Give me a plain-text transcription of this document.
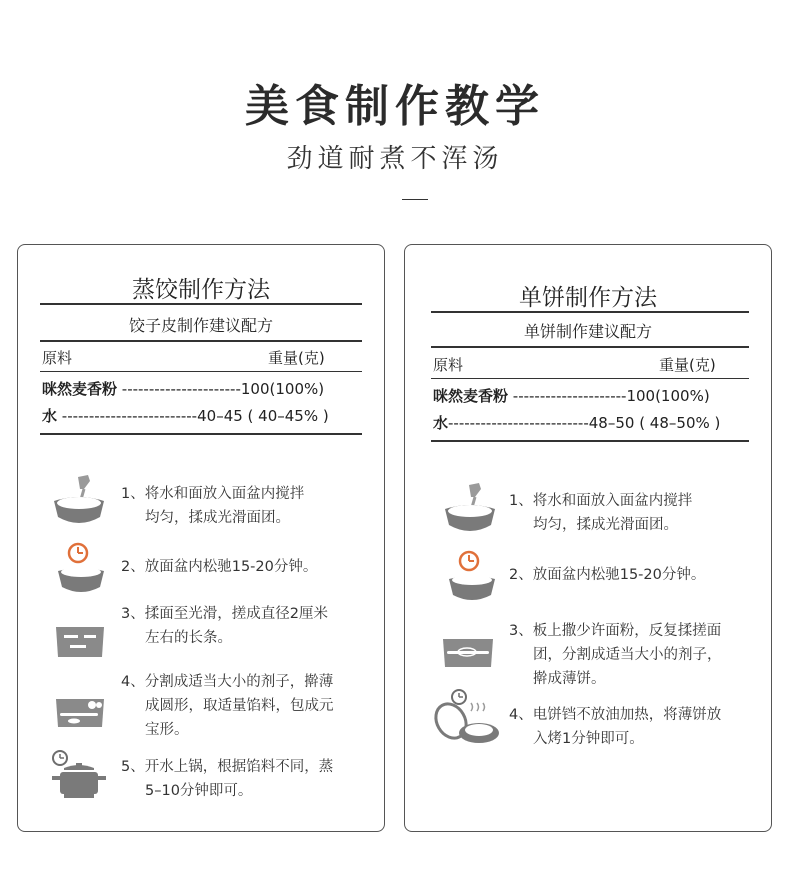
美食制作教学
劲道耐煮不浑汤
蒸饺制作方法
饺子皮制作建议配方
原料	重量(克)
咪然麦香粉 ----------------------100(100%)
水 -------------------------40–45 ( 40–45% )
1、将水和面放入面盆内搅拌
均匀，揉成光滑面团。
2、放面盆内松驰15-20分钟。
3、揉面至光滑，搓成直径2厘米
左右的长条。
4、分割成适当大小的剂子，擀薄
成圆形，取适量馅料，包成元
宝形。
5、开水上锅，根据馅料不同，蒸
5–10分钟即可。
单饼制作方法
单饼制作建议配方
原料	重量(克)
咪然麦香粉 ---------------------100(100%)
水--------------------------48–50 ( 48–50% )
1、将水和面放入面盆内搅拌
均匀，揉成光滑面团。
2、放面盆内松驰15-20分钟。
3、板上撒少许面粉，反复揉搓面
团，分割成适当大小的剂子，
擀成薄饼。
4、电饼铛不放油加热，将薄饼放
入烤1分钟即可。
